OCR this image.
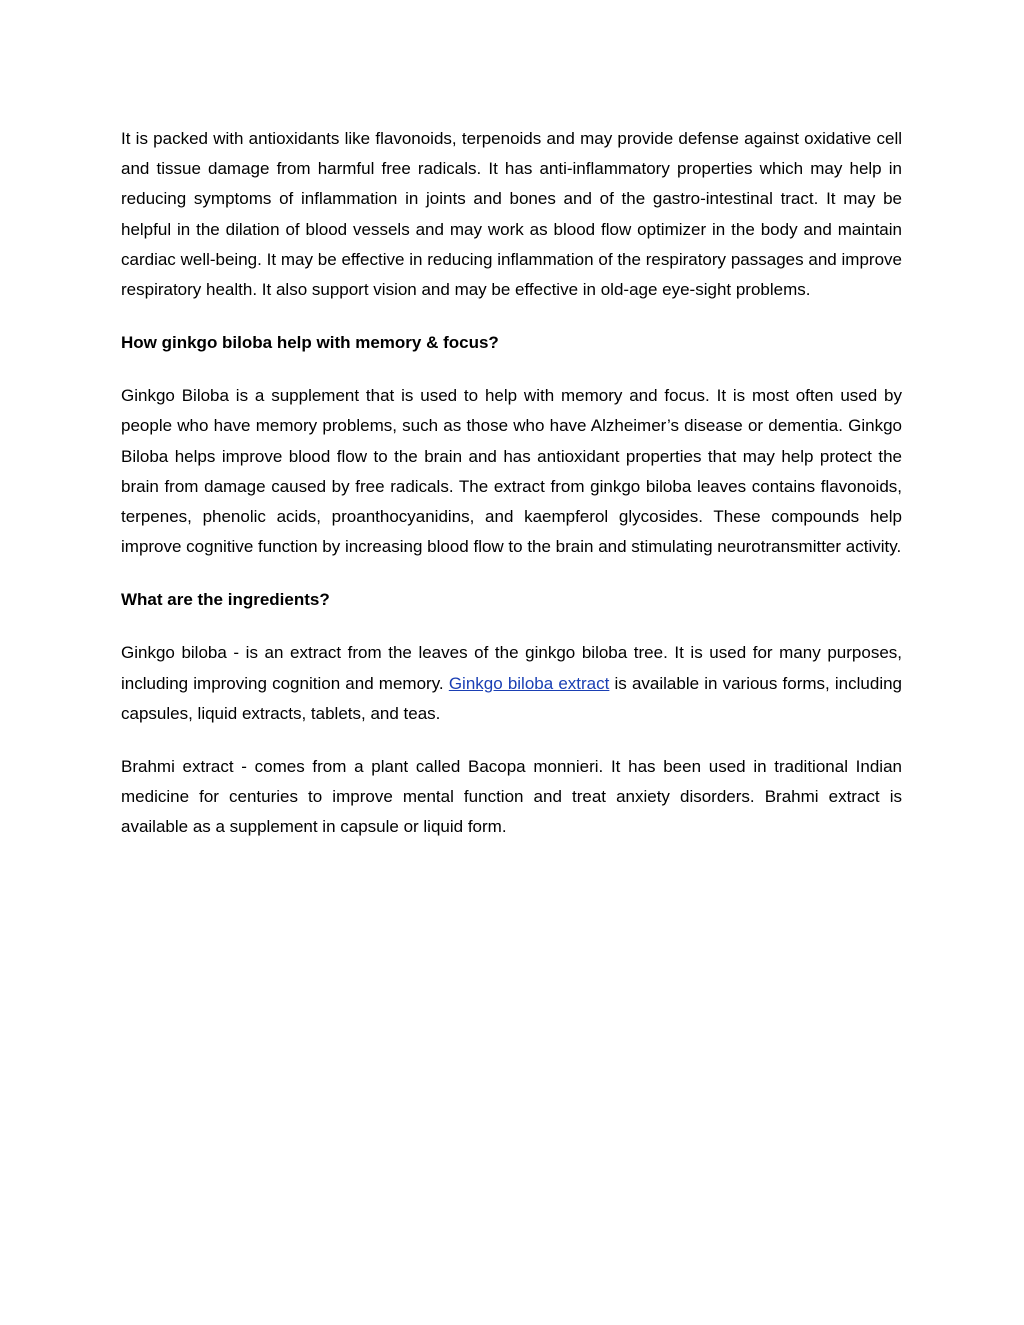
It is packed with antioxidants like flavonoids, terpenoids and may provide defense against oxidative cell and tissue damage from harmful free radicals. It has anti-inflammatory properties which may help in reducing symptoms of inflammation in joints and bones and of the gastro-intestinal tract. It may be helpful in the dilation of blood vessels and may work as blood flow optimizer in the body and maintain cardiac well-being. It may be effective in reducing inflammation of the respiratory passages and improve respiratory health. It also support vision and may be effective in old-age eye-sight problems.

How ginkgo biloba help with memory & focus?

Ginkgo Biloba is a supplement that is used to help with memory and focus. It is most often used by people who have memory problems, such as those who have Alzheimer’s disease or dementia. Ginkgo Biloba helps improve blood flow to the brain and has antioxidant properties that may help protect the brain from damage caused by free radicals. The extract from ginkgo biloba leaves contains flavonoids, terpenes, phenolic acids, proanthocyanidins, and kaempferol glycosides. These compounds help improve cognitive function by increasing blood flow to the brain and stimulating neurotransmitter activity.

What are the ingredients?

Ginkgo biloba - is an extract from the leaves of the ginkgo biloba tree. It is used for many purposes, including improving cognition and memory. Ginkgo biloba extract is available in various forms, including capsules, liquid extracts, tablets, and teas.

Brahmi extract - comes from a plant called Bacopa monnieri. It has been used in traditional Indian medicine for centuries to improve mental function and treat anxiety disorders. Brahmi extract is available as a supplement in capsule or liquid form.
